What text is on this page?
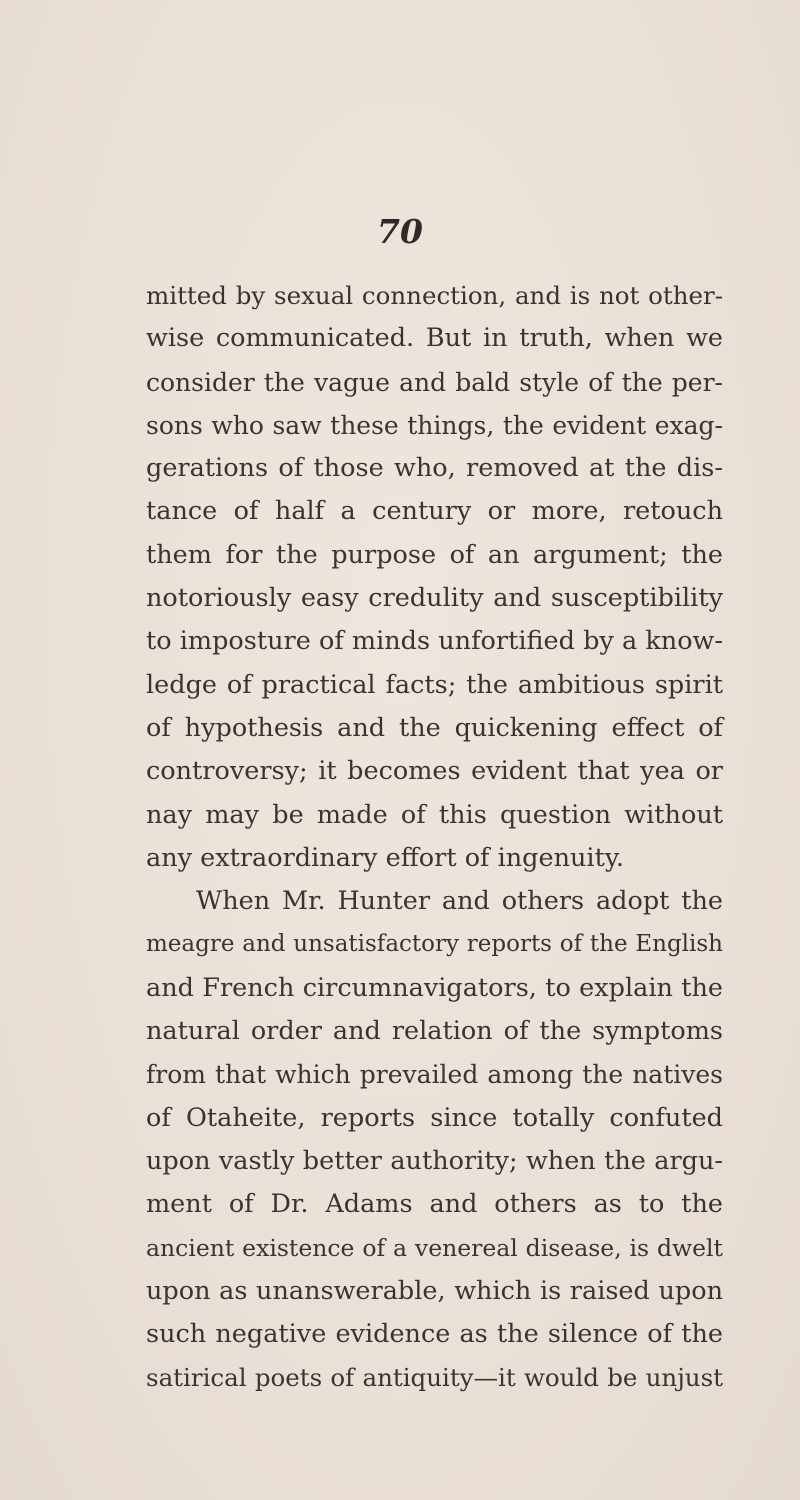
70
mitted by sexual connection, and is not other-
wise communicated. But in truth, when we
consider the vague and bald style of the per-
sons who saw these things, the evident exag-
gerations of those who, removed at the dis-
tance of half a century or more, retouch
them for the purpose of an argument; the
notoriously easy credulity and susceptibility
to imposture of minds unfortified by a know-
ledge of practical facts; the ambitious spirit
of hypothesis and the quickening effect of
controversy; it becomes evident that yea or
nay may be made of this question without
any extraordinary effort of ingenuity.
When Mr. Hunter and others adopt the
meagre and unsatisfactory reports of the English
and French circumnavigators, to explain the
natural order and relation of the symptoms
from that which prevailed among the natives
of Otaheite, reports since totally confuted
upon vastly better authority; when the argu-
ment of Dr. Adams and others as to the
ancient existence of a venereal disease, is dwelt
upon as unanswerable, which is raised upon
such negative evidence as the silence of the
satirical poets of antiquity—it would be unjust
